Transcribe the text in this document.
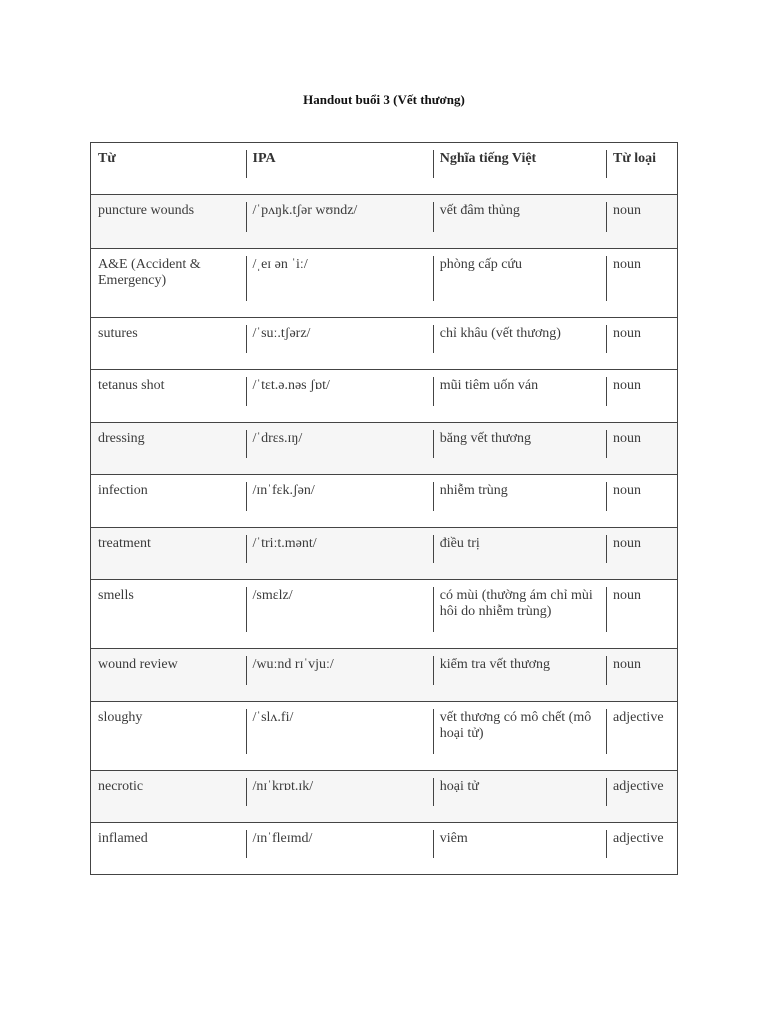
Handout buổi 3 (Vết thương)
Từ	IPA	Nghĩa tiếng Việt	Từ loại

puncture wounds	/ˈpʌŋk.tʃər wʊndz/	vết đâm thủng	noun

A&E (Accident & Emergency)	/ˌeɪ ən ˈiː/	phòng cấp cứu	noun

sutures	/ˈsuː.tʃərz/	chỉ khâu (vết thương)	noun

tetanus shot	/ˈtɛt.ə.nəs ʃɒt/	mũi tiêm uốn ván	noun

dressing	/ˈdrɛs.ɪŋ/	băng vết thương	noun

infection	/ɪnˈfɛk.ʃən/	nhiễm trùng	noun

treatment	/ˈtriːt.mənt/	điều trị	noun

smells	/smɛlz/	có mùi (thường ám chỉ mùi hôi do nhiễm trùng)	noun

wound review	/wuːnd rɪˈvjuː/	kiểm tra vết thương	noun

sloughy	/ˈslʌ.fi/	vết thương có mô chết (mô hoại tử)	adjective

necrotic	/nɪˈkrɒt.ɪk/	hoại tử	adjective

inflamed	/ɪnˈfleɪmd/	viêm	adjective
